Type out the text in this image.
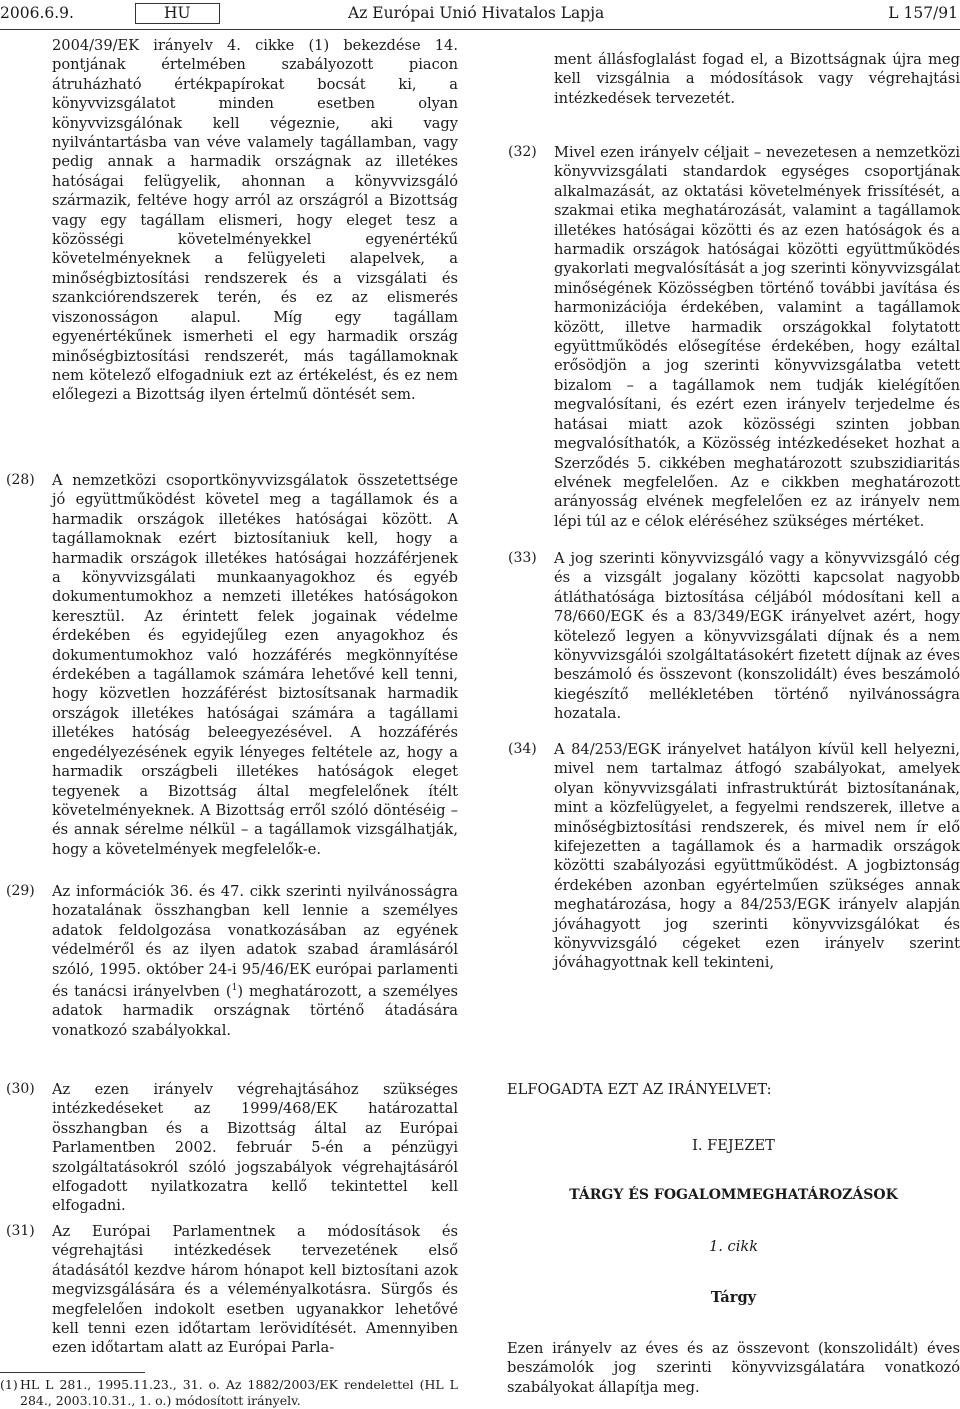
2006.6.9.	HU	Az Európai Unió Hivatalos Lapja	L 157/91
2004/39/EK irányelv 4. cikke (1) bekezdése 14. pontjának értelmében szabályozott piacon átruházható értékpapírokat bocsát ki, a könyvvizsgálatot minden esetben olyan könyvvizsgálónak kell végeznie, aki vagy nyilvántartásba van véve valamely tagállamban, vagy pedig annak a harmadik országnak az illetékes hatóságai felügyelik, ahonnan a könyvvizsgáló származik, feltéve hogy arról az országról a Bizottság vagy egy tagállam elismeri, hogy eleget tesz a közösségi követelményekkel egyenértékű követelményeknek a felügyeleti alapelvek, a minőségbiztosítási rendszerek és a vizsgálati és szankciórendszerek terén, és ez az elismerés viszonosságon alapul. Míg egy tagállam egyenértékűnek ismerheti el egy harmadik ország minőségbiztosítási rendszerét, más tagállamoknak nem kötelező elfogadniuk ezt az értékelést, és ez nem előlegezi a Bizottság ilyen értelmű döntését sem.
(28) A nemzetközi csoportkönyvvizsgálatok összetettsége jó együttműködést követel meg a tagállamok és a harmadik országok illetékes hatóságai között. A tagállamoknak ezért biztosítaniuk kell, hogy a harmadik országok illetékes hatóságai hozzáférjenek a könyvvizsgálati munkaanyagokhoz és egyéb dokumentumokhoz a nemzeti illetékes hatóságokon keresztül. Az érintett felek jogainak védelme érdekében és egyidejűleg ezen anyagokhoz és dokumentumokhoz való hozzáférés megkönnyítése érdekében a tagállamok számára lehetővé kell tenni, hogy közvetlen hozzáférést biztosítsanak harmadik országok illetékes hatóságai számára a tagállami illetékes hatóság beleegyezésével. A hozzáférés engedélyezésének egyik lényeges feltétele az, hogy a harmadik országbeli illetékes hatóságok eleget tegyenek a Bizottság által megfelelőnek ítélt követelményeknek. A Bizottság erről szóló döntéséig – és annak sérelme nélkül – a tagállamok vizsgálhatják, hogy a követelmények megfelelők-e.
(29) Az információk 36. és 47. cikk szerinti nyilvánosságra hozatalának összhangban kell lennie a személyes adatok feldolgozása vonatkozásában az egyének védelméről és az ilyen adatok szabad áramlásáról szóló, 1995. október 24-i 95/46/EK európai parlamenti és tanácsi irányelvben ($^1$) meghatározott, a személyes adatok harmadik országnak történő átadására vonatkozó szabályokkal.
ment állásfoglalást fogad el, a Bizottságnak újra meg kell vizsgálnia a módosítások vagy végrehajtási intézkedések tervezetét.
(32) Mivel ezen irányelv céljait – nevezetesen a nemzetközi könyvvizsgálati standardok egységes csoportjának alkalmazását, az oktatási követelmények frissítését, a szakmai etika meghatározását, valamint a tagállamok illetékes hatóságai közötti és az ezen hatóságok és a harmadik országok hatóságai közötti együttműködés gyakorlati megvalósítását a jog szerinti könyvvizsgálat minőségének Közösségben történő további javítása és harmonizációja érdekében, valamint a tagállamok között, illetve harmadik országokkal folytatott együttműködés elősegítése érdekében, hogy ezáltal erősödjön a jog szerinti könyvvizsgálatba vetett bizalom – a tagállamok nem tudják kielégítően megvalósítani, és ezért ezen irányelv terjedelme és hatásai miatt azok közösségi szinten jobban megvalósíthatók, a Közösség intézkedéseket hozhat a Szerződés 5. cikkében meghatározott szubszidiaritás elvének megfelelően. Az e cikkben meghatározott arányosság elvének megfelelően ez az irányelv nem lépi túl az e célok eléréséhez szükséges mértéket.
(33) A jog szerinti könyvvizsgáló vagy a könyvvizsgáló cég és a vizsgált jogalany közötti kapcsolat nagyobb átláthatósága biztosítása céljából módosítani kell a 78/660/EGK és a 83/349/EGK irányelvet azért, hogy kötelező legyen a könyvvizsgálati díjnak és a nem könyvvizsgálói szolgáltatásokért fizetett díjnak az éves beszámoló és összevont (konszolidált) éves beszámoló kiegészítő mellékletében történő nyilvánosságra hozatala.
(34) A 84/253/EGK irányelvet hatályon kívül kell helyezni, mivel nem tartalmaz átfogó szabályokat, amelyek olyan könyvvizsgálati infrastruktúrát biztosítanának, mint a közfelügyelet, a fegyelmi rendszerek, illetve a minőségbiztosítási rendszerek, és mivel nem ír elő kifejezetten a tagállamok és a harmadik országok közötti szabályozási együttműködést. A jogbiztonság érdekében azonban egyértelműen szükséges annak meghatározása, hogy a 84/253/EGK irányelv alapján jóváhagyott jog szerinti könyvvizsgálókat és könyvvizsgáló cégeket ezen irányelv szerint jóváhagyottnak kell tekinteni,
(30) Az ezen irányelv végrehajtásához szükséges intézkedéseket az 1999/468/EK határozattal összhangban és a Bizottság által az Európai Parlamentben 2002. február 5-én a pénzügyi szolgáltatásokról szóló jogszabályok végrehajtásáról elfogadott nyilatkozatra kellő tekintettel kell elfogadni.
(31) Az Európai Parlamentnek a módosítások és végrehajtási intézkedések tervezetének első átadásától kezdve három hónapot kell biztosítani azok megvizsgálására és a véleményalkotásra. Sürgős és megfelelően indokolt esetben ugyanakkor lehetővé kell tenni ezen időtartam lerövidítését. Amennyiben ezen időtartam alatt az Európai Parla-
ELFOGADTA EZT AZ IRÁNYELVET:
I. FEJEZET
TÁRGY ÉS FOGALOMMEGHATÁROZÁSOK
1. cikk
Tárgy
Ezen irányelv az éves és az összevont (konszolidált) éves beszámolók jog szerinti könyvvizsgálatára vonatkozó szabályokat állapítja meg.
(1) HL L 281., 1995.11.23., 31. o. Az 1882/2003/EK rendelettel (HL L 284., 2003.10.31., 1. o.) módosított irányelv.
